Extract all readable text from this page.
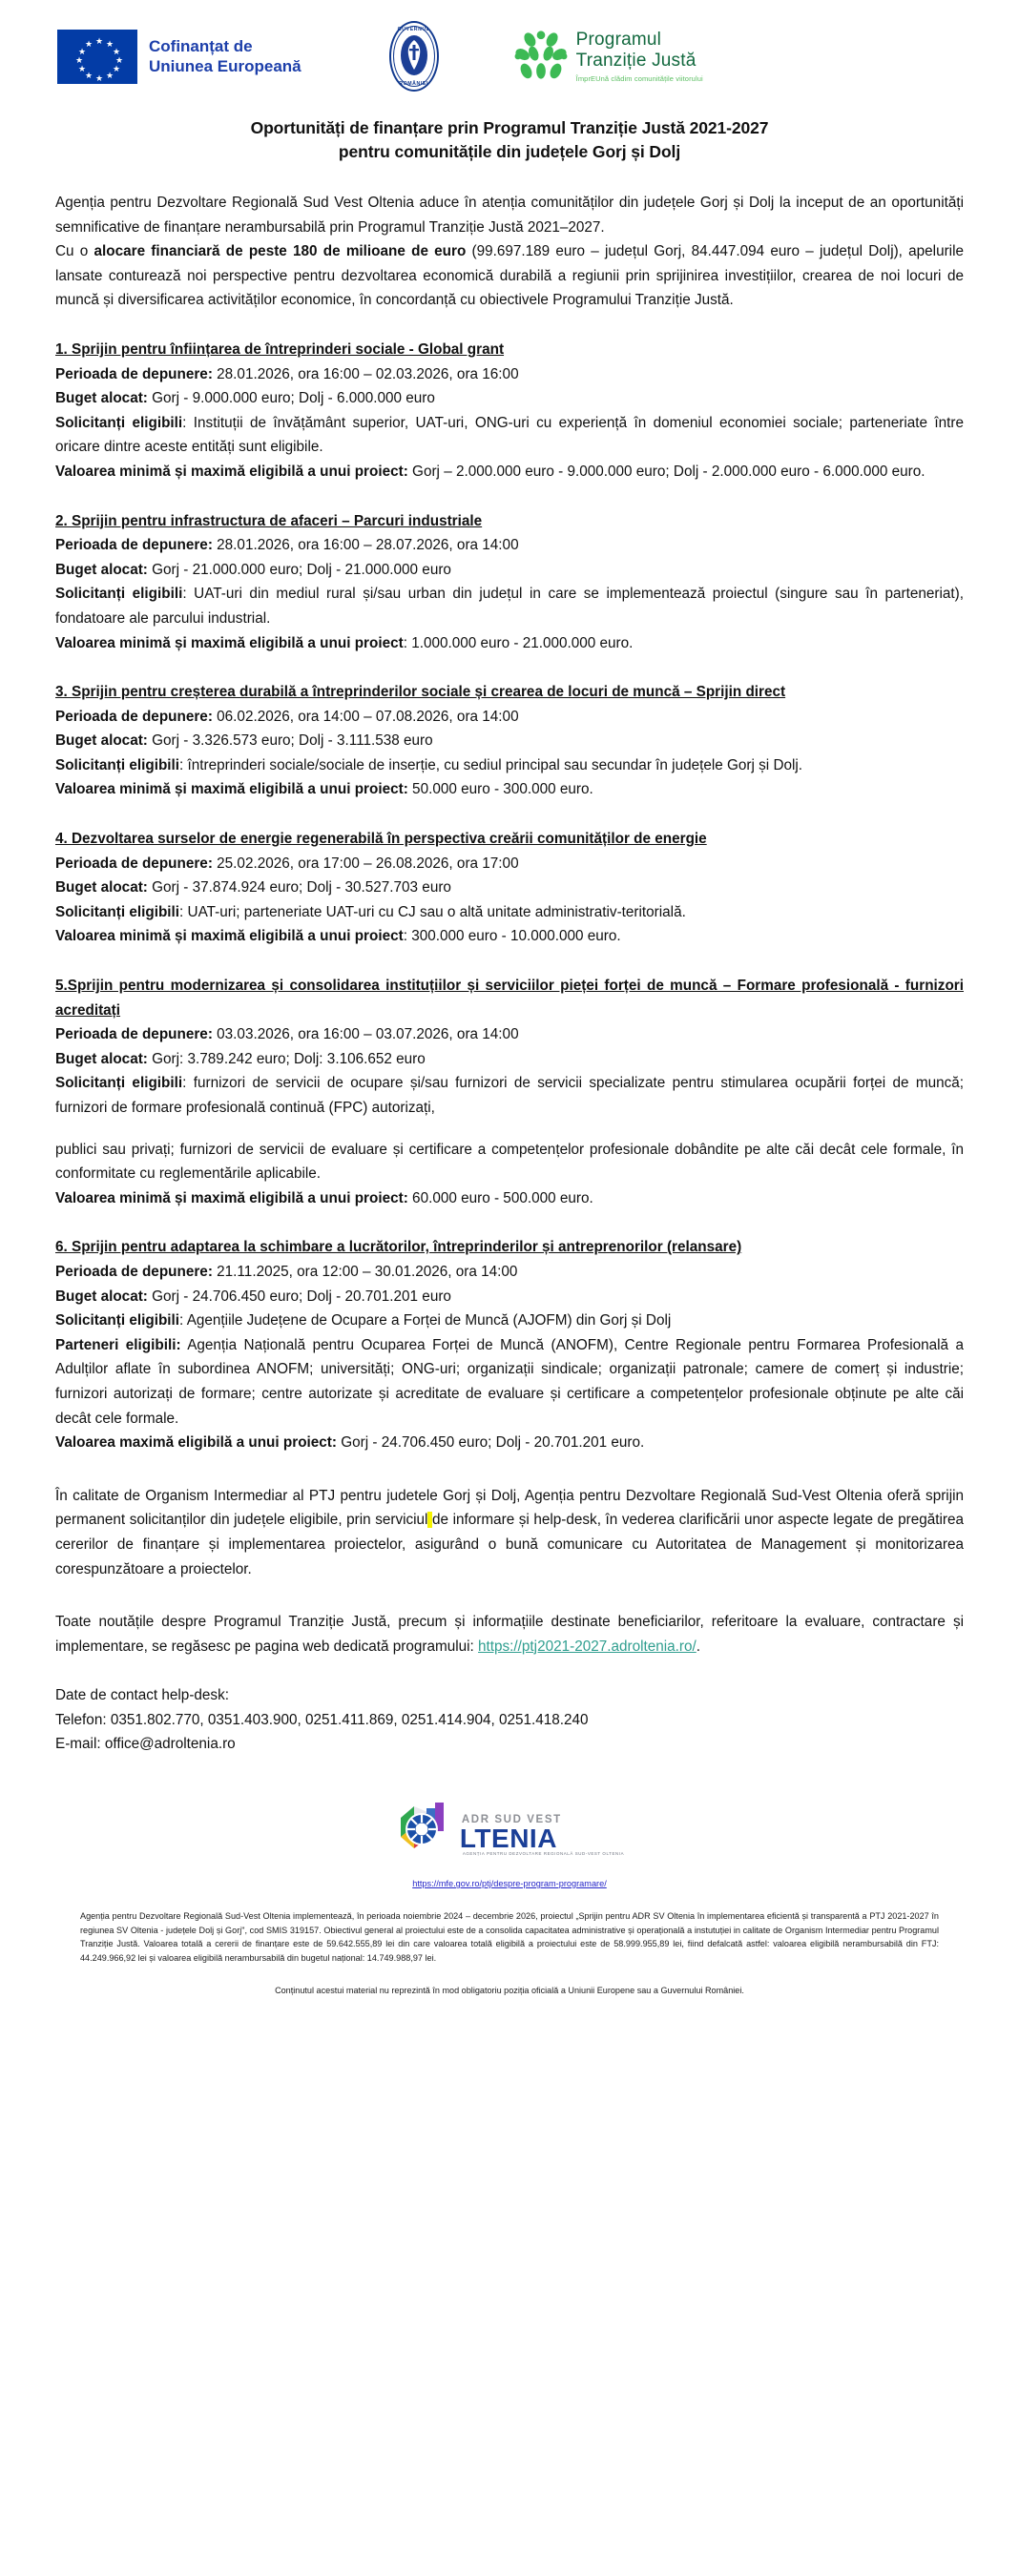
★ ★
★
★
★
★
★
★
★
★
★
★	Cofinanțat de
Uniunea Europeană
GUVERNUL
ROMÂNIEI
Programul
Tranziție Justă
ÎmprEUnă clădim comunitățile viitorului
Oportunități de finanțare prin Programul Tranziție Justă 2021-2027
pentru comunitățile din județele Gorj și Dolj

Agenția pentru Dezvoltare Regională Sud Vest Oltenia aduce în atenția comunităților din județele Gorj și Dolj la inceput de an oportunități semnificative de finanțare nerambursabilă prin Programul Tranziție Justă 2021–2027.

Cu o alocare financiară de peste 180 de milioane de euro (99.697.189 euro – județul Gorj, 84.447.094 euro – județul Dolj), apelurile lansate conturează noi perspective pentru dezvoltarea economică durabilă a regiunii prin sprijinirea investițiilor, crearea de noi locuri de muncă și diversificarea activităților economice, în concordanță cu obiectivele Programului Tranziție Justă.

1. Sprijin pentru înființarea de întreprinderi sociale - Global grant

Perioada de depunere: 28.01.2026, ora 16:00 – 02.03.2026, ora 16:00

Buget alocat: Gorj - 9.000.000 euro; Dolj - 6.000.000 euro

Solicitanți eligibili: Instituții de învățământ superior, UAT-uri, ONG-uri cu experiență în domeniul economiei sociale; parteneriate între oricare dintre aceste entități sunt eligibile.

Valoarea minimă și maximă eligibilă a unui proiect: Gorj – 2.000.000 euro - 9.000.000 euro; Dolj - 2.000.000 euro - 6.000.000 euro.

2. Sprijin pentru infrastructura de afaceri – Parcuri industriale

Perioada de depunere: 28.01.2026, ora 16:00 – 28.07.2026, ora 14:00

Buget alocat: Gorj - 21.000.000 euro; Dolj - 21.000.000 euro

Solicitanți eligibili: UAT-uri din mediul rural și/sau urban din județul in care se implementează proiectul (singure sau în parteneriat), fondatoare ale parcului industrial.

Valoarea minimă și maximă eligibilă a unui proiect: 1.000.000 euro - 21.000.000 euro.

3. Sprijin pentru creșterea durabilă a întreprinderilor sociale și crearea de locuri de muncă – Sprijin direct

Perioada de depunere: 06.02.2026, ora 14:00 – 07.08.2026, ora 14:00

Buget alocat: Gorj - 3.326.573 euro; Dolj - 3.111.538 euro

Solicitanți eligibili: întreprinderi sociale/sociale de inserție, cu sediul principal sau secundar în județele Gorj și Dolj.

Valoarea minimă și maximă eligibilă a unui proiect: 50.000 euro - 300.000 euro.

4. Dezvoltarea surselor de energie regenerabilă în perspectiva creării comunităților de energie

Perioada de depunere: 25.02.2026, ora 17:00 – 26.08.2026, ora 17:00

Buget alocat: Gorj - 37.874.924 euro; Dolj - 30.527.703 euro

Solicitanți eligibili: UAT-uri; parteneriate UAT-uri cu CJ sau o altă unitate administrativ-teritorială.

Valoarea minimă și maximă eligibilă a unui proiect: 300.000 euro - 10.000.000 euro.

5.Sprijin pentru modernizarea și consolidarea instituțiilor și serviciilor pieței forței de muncă – Formare profesională - furnizori acreditați

Perioada de depunere: 03.03.2026, ora 16:00 – 03.07.2026, ora 14:00

Buget alocat: Gorj: 3.789.242 euro; Dolj: 3.106.652 euro

Solicitanți eligibili: furnizori de servicii de ocupare și/sau furnizori de servicii specializate pentru stimularea ocupării forței de muncă; furnizori de formare profesională continuă (FPC) autorizați,

publici sau privați; furnizori de servicii de evaluare și certificare a competențelor profesionale dobândite pe alte căi decât cele formale, în conformitate cu reglementările aplicabile.

Valoarea minimă și maximă eligibilă a unui proiect: 60.000 euro - 500.000 euro.

6. Sprijin pentru adaptarea la schimbare a lucrătorilor, întreprinderilor și antreprenorilor (relansare)

Perioada de depunere: 21.11.2025, ora 12:00 – 30.01.2026, ora 14:00

Buget alocat: Gorj - 24.706.450 euro; Dolj - 20.701.201 euro

Solicitanți eligibili: Agențiile Județene de Ocupare a Forței de Muncă (AJOFM) din Gorj și Dolj

Parteneri eligibili: Agenția Națională pentru Ocuparea Forței de Muncă (ANOFM), Centre Regionale pentru Formarea Profesională a Adulților aflate în subordinea ANOFM; universități; ONG-uri; organizații sindicale; organizații patronale; camere de comerț și industrie; furnizori autorizați de formare; centre autorizate și acreditate de evaluare și certificare a competențelor profesionale obținute pe alte căi decât cele formale.

Valoarea maximă eligibilă a unui proiect: Gorj - 24.706.450 euro; Dolj - 20.701.201 euro.

În calitate de Organism Intermediar al PTJ pentru judetele Gorj și Dolj, Agenția pentru Dezvoltare Regională Sud-Vest Oltenia oferă sprijin permanent solicitanților din județele eligibile, prin serviciul de informare și help-desk, în vederea clarificării unor aspecte legate de pregătirea cererilor de finanțare și implementarea proiectelor, asigurând o bună comunicare cu Autoritatea de Management și monitorizarea corespunzătoare a proiectelor.

Toate noutățile despre Programul Tranziție Justă, precum și informațiile destinate beneficiarilor, referitoare la evaluare, contractare și implementare, se regăsesc pe pagina web dedicată programului: https://ptj2021-2027.adroltenia.ro/.

Date de contact help-desk:

Telefon: 0351.802.770, 0351.403.900, 0251.411.869, 0251.414.904, 0251.418.240

E-mail: office@adroltenia.ro

ADR SUD VEST
LTENIA
AGENȚIA PENTRU DEZVOLTARE REGIONALĂ SUD-VEST OLTENIA
https://mfe.gov.ro/ptj/despre-program-programare/

Agenția pentru Dezvoltare Regională Sud-Vest Oltenia implementează, în perioada noiembrie 2024 – decembrie 2026, proiectul „Sprijin pentru ADR SV Oltenia în implementarea eficientă și transparentă a PTJ 2021-2027 în regiunea SV Oltenia - județele Dolj și Gorj", cod SMIS 319157. Obiectivul general al proiectului este de a consolida capacitatea administrative și operațională a instutuției in calitate de Organism Intermediar pentru Programul Tranziție Justă. Valoarea totală a cererii de finanțare este de 59.642.555,89 lei din care valoarea totală eligibilă a proiectului este de 58.999.955,89 lei, fiind defalcată astfel: valoarea eligibilă nerambursabilă din FTJ: 44.249.966,92 lei și valoarea eligibilă nerambursabilă din bugetul național: 14.749.988,97 lei.

Conținutul acestui material nu reprezintă în mod obligatoriu poziția oficială a Uniunii Europene sau a Guvernului României.
